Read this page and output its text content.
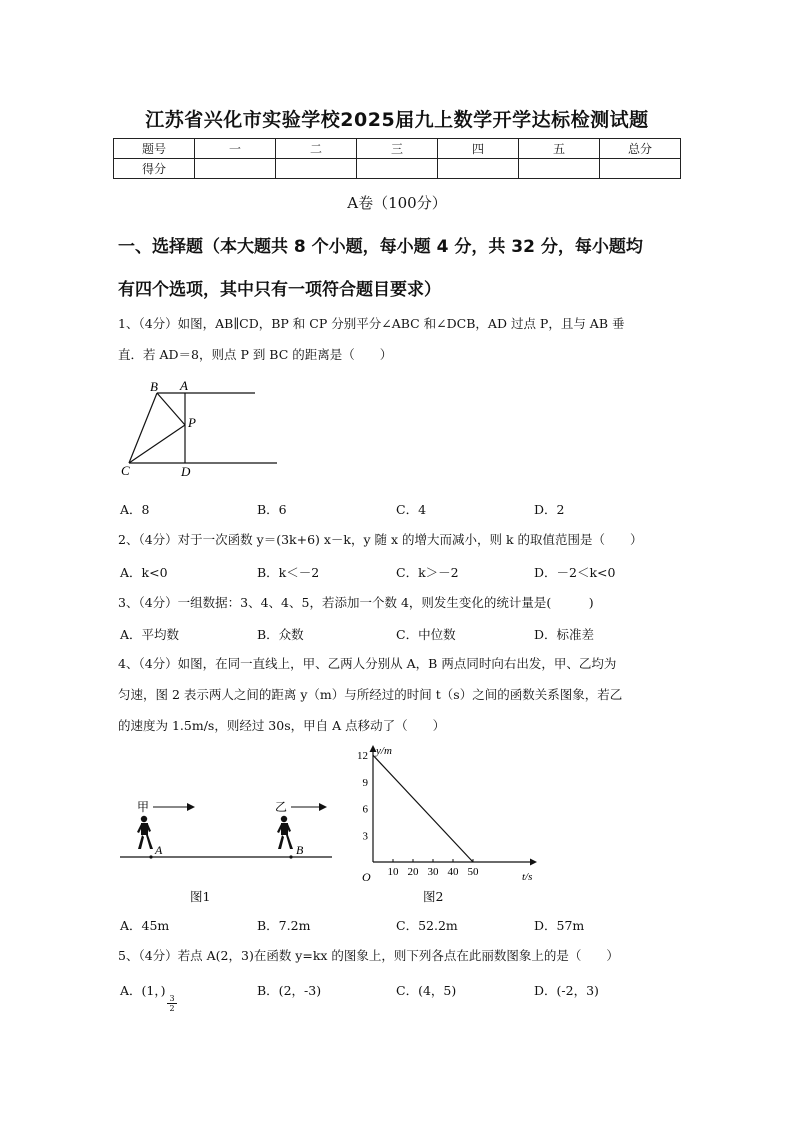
江苏省兴化市实验学校2025届九上数学开学达标检测试题
题号	一	二	三	四	五	总分
得分						
A卷（100分）
一、选择题（本大题共 8 个小题，每小题 4 分，共 32 分，每小题均
有四个选项，其中只有一项符合题目要求）
1、（4分）如图，AB∥CD，BP 和 CP 分别平分∠ABC 和∠DCB，AD 过点 P，且与 AB 垂
直．若 AD＝8，则点 P 到 BC 的距离是（　　）
B A
P
C	D
A．8	B．6	C．4	D．2
2、（4分）对于一次函数 y＝(3k+6) x－k，y 随 x 的增大而减小，则 k 的取值范围是（　　）
A．k<0	B．k＜－2	C．k＞－2	D．－2＜k<0
3、（4分）一组数据：3、4、4、5，若添加一个数 4，则发生变化的统计量是(　　　)
A．平均数	B．众数	C．中位数	D．标准差
4、（4分）如图，在同一直线上，甲、乙两人分别从 A，B 两点同时向右出发，甲、乙均为
匀速，图 2 表示两人之间的距离 y（m）与所经过的时间 t（s）之间的函数关系图象，若乙
的速度为 1.5m/s，则经过 30s，甲自 A 点移动了（　　）
甲	乙
A	B
图1
y/m
t/s
O 10 20 30 40 50
3
6
9
12
图2
A．45m	B．7.2m	C．52.2m	D．57m
5、（4分）若点 A(2，3)在函数 y=kx 的图象上，则下列各点在此丽数图象上的是（　　）
A．(1，)	B．(2，-3)	C．(4，5)	D．(-2，3)
$\frac{3}{2}$
